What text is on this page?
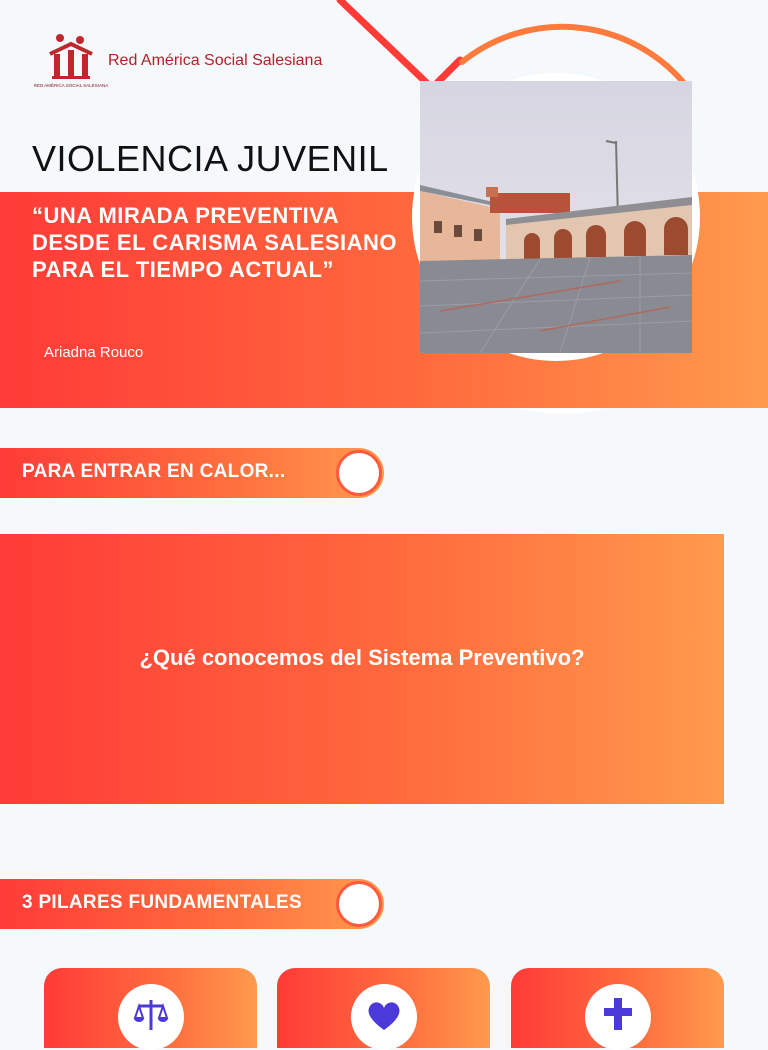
RED AMÉRICA SOCIAL SALESIANA
Red América Social Salesiana
VIOLENCIA JUVENIL
“UNA MIRADA PREVENTIVA
DESDE EL CARISMA SALESIANO
PARA EL TIEMPO ACTUAL”
Ariadna Rouco
PARA ENTRAR EN CALOR...
¿Qué conocemos del Sistema Preventivo?
3 PILARES FUNDAMENTALES
